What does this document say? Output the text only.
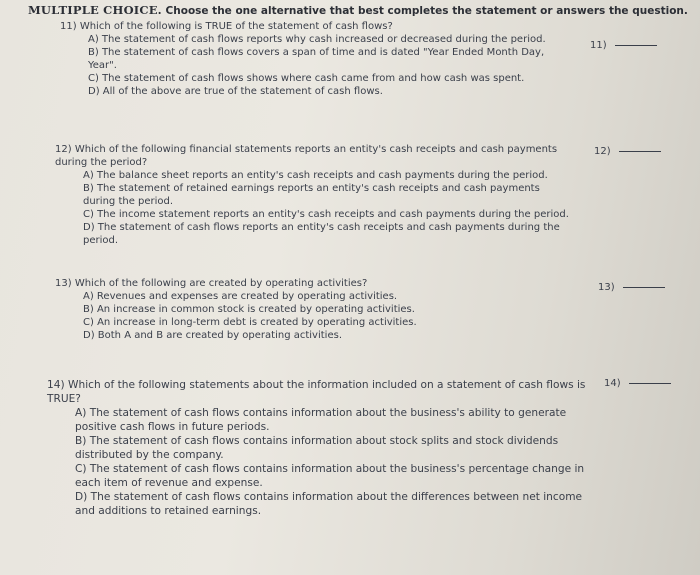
MULTIPLE CHOICE. Choose the one alternative that best completes the statement or answers the question.
11) Which of the following is TRUE of the statement of cash flows?
A) The statement of cash flows reports why cash increased or decreased during the period.
B) The statement of cash flows covers a span of time and is dated "Year Ended Month Day, Year".
C) The statement of cash flows shows where cash came from and how cash was spent.
D) All of the above are true of the statement of cash flows.
11)
12) Which of the following financial statements reports an entity's cash receipts and cash payments during the period?
A) The balance sheet reports an entity's cash receipts and cash payments during the period.
B) The statement of retained earnings reports an entity's cash receipts and cash payments during the period.
C) The income statement reports an entity's cash receipts and cash payments during the period.
D) The statement of cash flows reports an entity's cash receipts and cash payments during the period.
12)
13) Which of the following are created by operating activities?
A) Revenues and expenses are created by operating activities.
B) An increase in common stock is created by operating activities.
C) An increase in long-term debt is created by operating activities.
D) Both A and B are created by operating activities.
13)
14) Which of the following statements about the information included on a statement of cash flows is TRUE?
A) The statement of cash flows contains information about the business's ability to generate positive cash flows in future periods.
B) The statement of cash flows contains information about stock splits and stock dividends distributed by the company.
C) The statement of cash flows contains information about the business's percentage change in each item of revenue and expense.
D) The statement of cash flows contains information about the differences between net income and additions to retained earnings.
14)
